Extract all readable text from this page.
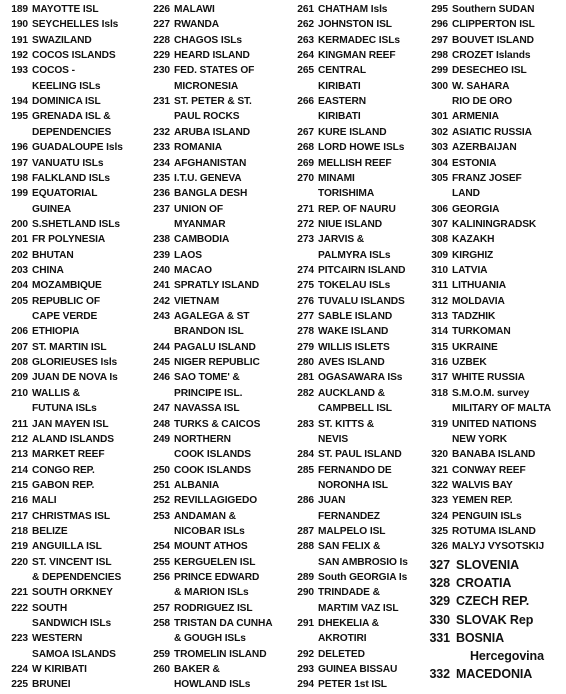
189 MAYOTTE ISL
190 SEYCHELLES Isls
191 SWAZILAND
192 COCOS ISLANDS
193 COCOS -
KEELING ISLs
194 DOMINICA ISL
195 GRENADA ISL &
DEPENDENCIES
196 GUADALOUPE Isls
197 VANUATU ISLs
198 FALKLAND ISLs
199 EQUATORIAL
GUINEA
200 S.SHETLAND ISLs
201 FR POLYNESIA
202 BHUTAN
203 CHINA
204 MOZAMBIQUE
205 REPUBLIC OF
CAPE VERDE
206 ETHIOPIA
207 ST. MARTIN ISL
208 GLORIEUSES Isls
209 JUAN DE NOVA Is
210 WALLIS &
FUTUNA ISLs
211 JAN MAYEN ISL
212 ALAND ISLANDS
213 MARKET REEF
214 CONGO REP.
215 GABON REP.
216 MALI
217 CHRISTMAS ISL
218 BELIZE
219 ANGUILLA ISL
220 ST. VINCENT ISL
& DEPENDENCIES
221 SOUTH ORKNEY
222 SOUTH
SANDWICH ISLs
223 WESTERN
SAMOA ISLANDS
224 W KIRIBATI
225 BRUNEI
226 MALAWI
227 RWANDA
228 CHAGOS ISLs
229 HEARD ISLAND
230 FED. STATES OF
MICRONESIA
231 ST. PETER & ST.
PAUL ROCKS
232 ARUBA ISLAND
233 ROMANIA
234 AFGHANISTAN
235 I.T.U. GENEVA
236 BANGLA DESH
237 UNION OF
MYANMAR
238 CAMBODIA
239 LAOS
240 MACAO
241 SPRATLY ISLAND
242 VIETNAM
243 AGALEGA & ST
BRANDON ISL
244 PAGALU ISLAND
245 NIGER REPUBLIC
246 SAO TOME' &
PRINCIPE ISL.
247 NAVASSA ISL
248 TURKS & CAICOS
249 NORTHERN
COOK ISLANDS
250 COOK ISLANDS
251 ALBANIA
252 REVILLAGIGEDO
253 ANDAMAN &
NICOBAR ISLs
254 MOUNT ATHOS
255 KERGUELEN ISL
256 PRINCE EDWARD
& MARION ISLs
257 RODRIGUEZ ISL
258 TRISTAN DA CUNHA
& GOUGH ISLs
259 TROMELIN ISLAND
260 BAKER &
HOWLAND ISLs
261 CHATHAM Isls
262 JOHNSTON ISL
263 KERMADEC ISLs
264 KINGMAN REEF
265 CENTRAL
KIRIBATI
266 EASTERN
KIRIBATI
267 KURE ISLAND
268 LORD HOWE ISLs
269 MELLISH REEF
270 MINAMI
TORISHIMA
271 REP. OF NAURU
272 NIUE ISLAND
273 JARVIS &
PALMYRA ISLs
274 PITCAIRN ISLAND
275 TOKELAU ISLs
276 TUVALU ISLANDS
277 SABLE ISLAND
278 WAKE ISLAND
279 WILLIS ISLETS
280 AVES ISLAND
281 OGASAWARA ISs
282 AUCKLAND &
CAMPBELL ISL
283 ST. KITTS &
NEVIS
284 ST. PAUL ISLAND
285 FERNANDO DE
NORONHA ISL
286 JUAN
FERNANDEZ
287 MALPELO ISL
288 SAN FELIX &
SAN AMBROSIO Is
289 South GEORGIA Is
290 TRINDADE &
MARTIM VAZ ISL
291 DHEKELIA &
AKROTIRI
292 DELETED
293 GUINEA BISSAU
294 PETER 1st ISL
295 Southern SUDAN
296 CLIPPERTON ISL
297 BOUVET ISLAND
298 CROZET Islands
299 DESECHEO ISL
300 W. SAHARA
RIO DE ORO
301 ARMENIA
302 ASIATIC RUSSIA
303 AZERBAIJAN
304 ESTONIA
305 FRANZ JOSEF
LAND
306 GEORGIA
307 KALININGRADSK
308 KAZAKH
309 KIRGHIZ
310 LATVIA
311 LITHUANIA
312 MOLDAVIA
313 TADZHIK
314 TURKOMAN
315 UKRAINE
316 UZBEK
317 WHITE RUSSIA
318 S.M.O.M. survey
MILITARY OF MALTA
319 UNITED NATIONS
NEW YORK
320 BANABA ISLAND
321 CONWAY REEF
322 WALVIS BAY
323 YEMEN REP.
324 PENGUIN ISLs
325 ROTUMA ISLAND
326 MALYJ VYSOTSKIJ
327 SLOVENIA
328 CROATIA
329 CZECH REP.
330 SLOVAK Rep
331 BOSNIA
Hercegovina
332 MACEDONIA
